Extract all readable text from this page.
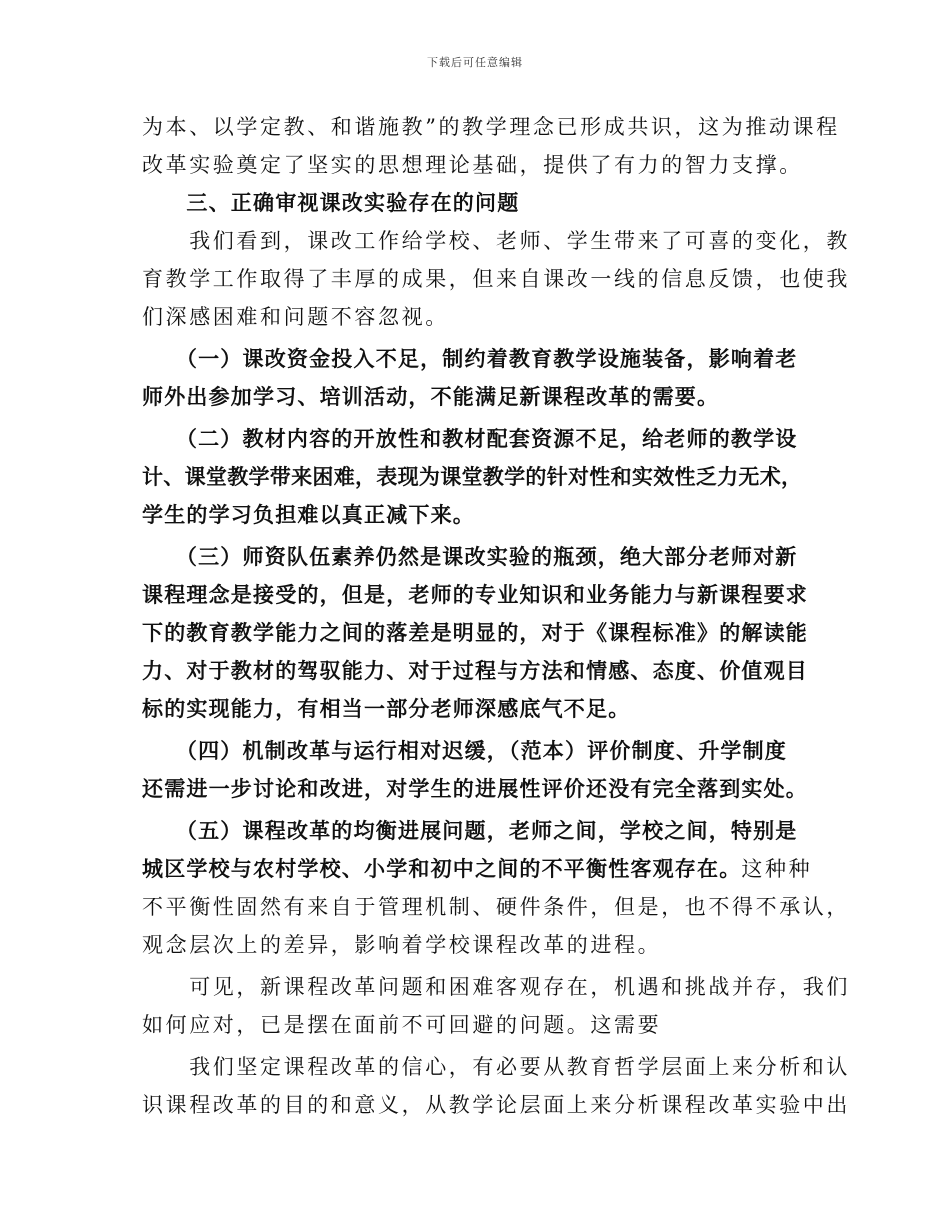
下载后可任意编辑
为本、以学定教、和谐施教”的教学理念已形成共识，这为推动课程
改革实验奠定了坚实的思想理论基础，提供了有力的智力支撑。
　　三、正确审视课改实验存在的问题
　　我们看到，课改工作给学校、老师、学生带来了可喜的变化，教
育教学工作取得了丰厚的成果，但来自课改一线的信息反馈，也使我
们深感困难和问题不容忽视。
　　（一）课改资金投入不足，制约着教育教学设施装备，影响着老
师外出参加学习、培训活动，不能满足新课程改革的需要。
　　（二）教材内容的开放性和教材配套资源不足，给老师的教学设
计、课堂教学带来困难，表现为课堂教学的针对性和实效性乏力无术，
学生的学习负担难以真正减下来。
　　（三）师资队伍素养仍然是课改实验的瓶颈，绝大部分老师对新
课程理念是接受的，但是，老师的专业知识和业务能力与新课程要求
下的教育教学能力之间的落差是明显的，对于《课程标准》的解读能
力、对于教材的驾驭能力、对于过程与方法和情感、态度、价值观目
标的实现能力，有相当一部分老师深感底气不足。
　　（四）机制改革与运行相对迟缓，（范本）评价制度、升学制度
还需进一步讨论和改进，对学生的进展性评价还没有完全落到实处。
　　（五）课程改革的均衡进展问题，老师之间，学校之间，特别是
城区学校与农村学校、小学和初中之间的不平衡性客观存在。这种种
不平衡性固然有来自于管理机制、硬件条件，但是，也不得不承认，
观念层次上的差异，影响着学校课程改革的进程。
　　可见，新课程改革问题和困难客观存在，机遇和挑战并存，我们
如何应对，已是摆在面前不可回避的问题。这需要
　　我们坚定课程改革的信心，有必要从教育哲学层面上来分析和认
识课程改革的目的和意义，从教学论层面上来分析课程改革实验中出
